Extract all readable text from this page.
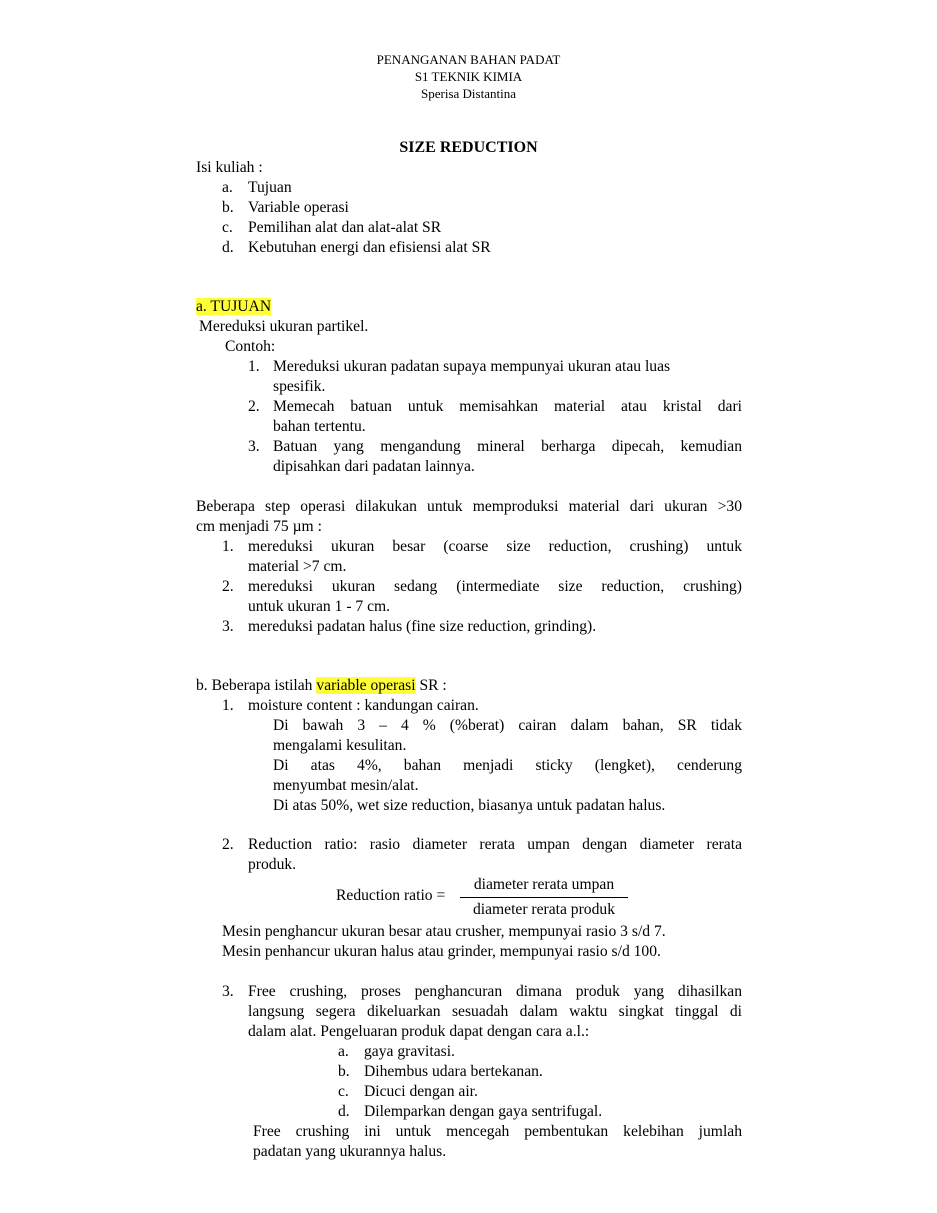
PENANGANAN BAHAN PADAT
S1 TEKNIK KIMIA
Sperisa Distantina
SIZE REDUCTION
Isi kuliah :
a. Tujuan
b. Variable operasi
c. Pemilihan alat dan alat-alat SR
d. Kebutuhan energi dan efisiensi alat SR
a. TUJUAN
Mereduksi ukuran partikel.
Contoh:
1. Mereduksi ukuran padatan supaya mempunyai ukuran atau luas
spesifik.
2. Memecah batuan untuk memisahkan material atau kristal dari
bahan tertentu.
3. Batuan yang mengandung mineral berharga dipecah, kemudian
dipisahkan dari padatan lainnya.
Beberapa step operasi dilakukan untuk memproduksi material dari ukuran >30
cm menjadi 75 µm :
1. mereduksi ukuran besar (coarse size reduction, crushing) untuk
material >7 cm.
2. mereduksi ukuran sedang (intermediate size reduction, crushing)
untuk ukuran 1 - 7 cm.
3. mereduksi padatan halus (fine size reduction, grinding).
b. Beberapa istilah variable operasi SR :
1. moisture content : kandungan cairan.
Di bawah 3 – 4 % (%berat) cairan dalam bahan, SR tidak
mengalami kesulitan.
Di atas 4%, bahan menjadi sticky (lengket), cenderung
menyumbat mesin/alat.
Di atas 50%, wet size reduction, biasanya untuk padatan halus.
2. Reduction ratio: rasio diameter rerata umpan dengan diameter rerata
produk.
Reduction ratio =
diameter rerata umpan
diameter rerata produk
Mesin penghancur ukuran besar atau crusher, mempunyai rasio 3 s/d 7.
Mesin penhancur ukuran halus atau grinder, mempunyai rasio s/d 100.
3. Free crushing, proses penghancuran dimana produk yang dihasilkan
langsung segera dikeluarkan sesuadah dalam waktu singkat tinggal di
dalam alat. Pengeluaran produk dapat dengan cara a.l.:
a. gaya gravitasi.
b. Dihembus udara bertekanan.
c. Dicuci dengan air.
d. Dilemparkan dengan gaya sentrifugal.
Free crushing ini untuk mencegah pembentukan kelebihan jumlah
padatan yang ukurannya halus.
